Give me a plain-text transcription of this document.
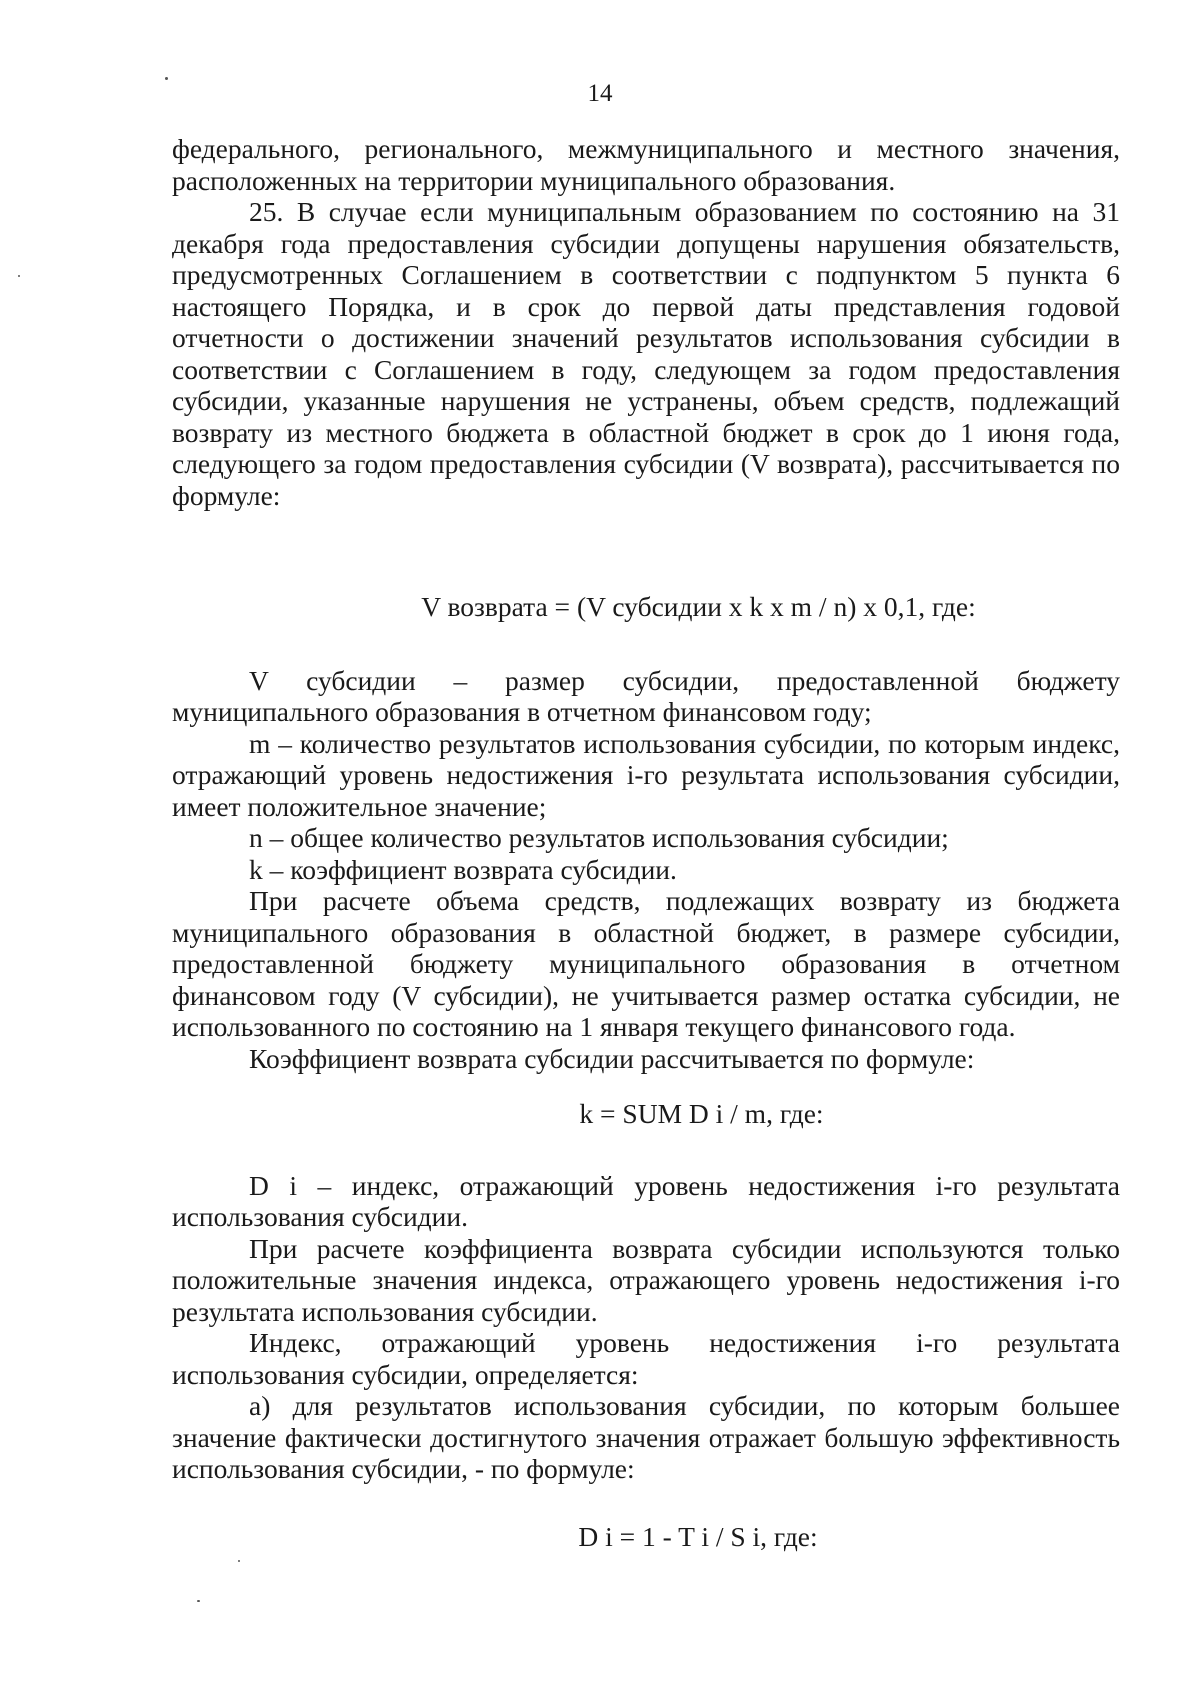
14

федерального, регионального, межмуниципального и местного значения, расположенных на территории муниципального образования.

25. В случае если муниципальным образованием по состоянию на 31 декабря года предоставления субсидии допущены нарушения обязательств, предусмотренных Соглашением в соответствии с подпунктом 5 пункта 6 настоящего Порядка, и в срок до первой даты представления годовой отчетности о достижении значений результатов использования субсидии в соответствии с Соглашением в году, следующем за годом предоставления субсидии, указанные нарушения не устранены, объем средств, подлежащий возврату из местного бюджета в областной бюджет в срок до 1 июня года, следующего за годом предоставления субсидии (V возврата), рассчитывается по формуле:

V возврата = (V субсидии x k x m / n) x 0,1, где:

V субсидии – размер субсидии, предоставленной бюджету муниципального образования в отчетном финансовом году;

m – количество результатов использования субсидии, по которым индекс, отражающий уровень недостижения i-го результата использования субсидии, имеет положительное значение;

n – общее количество результатов использования субсидии;

k – коэффициент возврата субсидии.

При расчете объема средств, подлежащих возврату из бюджета муниципального образования в областной бюджет, в размере субсидии, предоставленной бюджету муниципального образования в отчетном финансовом году (V субсидии), не учитывается размер остатка субсидии, не использованного по состоянию на 1 января текущего финансового года.

Коэффициент возврата субсидии рассчитывается по формуле:

k = SUM D i / m, где:

D i – индекс, отражающий уровень недостижения i-го результата использования субсидии.

При расчете коэффициента возврата субсидии используются только положительные значения индекса, отражающего уровень недостижения i-го результата использования субсидии.

Индекс, отражающий уровень недостижения i-го результата использования субсидии, определяется:

а) для результатов использования субсидии, по которым большее значение фактически достигнутого значения отражает большую эффективность использования субсидии, - по формуле:

D i = 1 - T i / S i, где:
